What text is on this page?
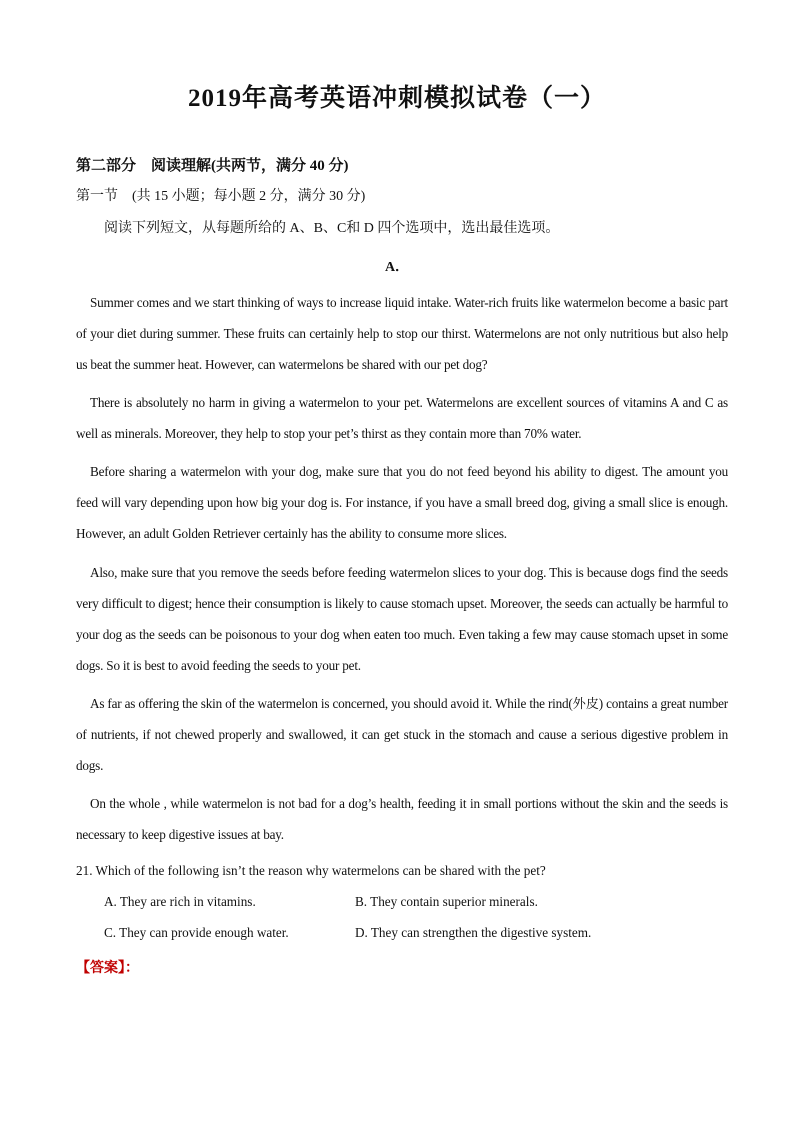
2019年高考英语冲刺模拟试卷（一）
第二部分　阅读理解(共两节，满分 40 分)
第一节　(共 15 小题；每小题 2 分，满分 30 分)
阅读下列短文，从每题所给的 A、B、C和 D 四个选项中，选出最佳选项。
A．

Summer comes and we start thinking of ways to increase liquid intake. Water-rich fruits like watermelon become a basic part of your diet during summer. These fruits can certainly help to stop our thirst. Watermelons are not only nutritious but also help us beat the summer heat. However, can watermelons be shared with our pet dog?

There is absolutely no harm in giving a watermelon to your pet. Watermelons are excellent sources of vitamins A and C as well as minerals. Moreover, they help to stop your pet’s thirst as they contain more than 70% water.

Before sharing a watermelon with your dog, make sure that you do not feed beyond his ability to digest. The amount you feed will vary depending upon how big your dog is. For instance, if you have a small breed dog, giving a small slice is enough. However, an adult Golden Retriever certainly has the ability to consume more slices.

Also, make sure that you remove the seeds before feeding watermelon slices to your dog. This is because dogs find the seeds very difficult to digest; hence their consumption is likely to cause stomach upset. Moreover, the seeds can actually be harmful to your dog as the seeds can be poisonous to your dog when eaten too much. Even taking a few may cause stomach upset in some dogs. So it is best to avoid feeding the seeds to your pet.

As far as offering the skin of the watermelon is concerned, you should avoid it. While the rind(外皮) contains a great number of nutrients, if not chewed properly and swallowed, it can get stuck in the stomach and cause a serious digestive problem in dogs.

On the whole , while watermelon is not bad for a dog’s health, feeding it in small portions without the skin and the seeds is necessary to keep digestive issues at bay.

21. Which of the following isn’t the reason why watermelons can be shared with the pet?
A. They are rich in vitamins.	B. They contain superior minerals.
C. They can provide enough water.	D. They can strengthen the digestive system.
【答案】：
